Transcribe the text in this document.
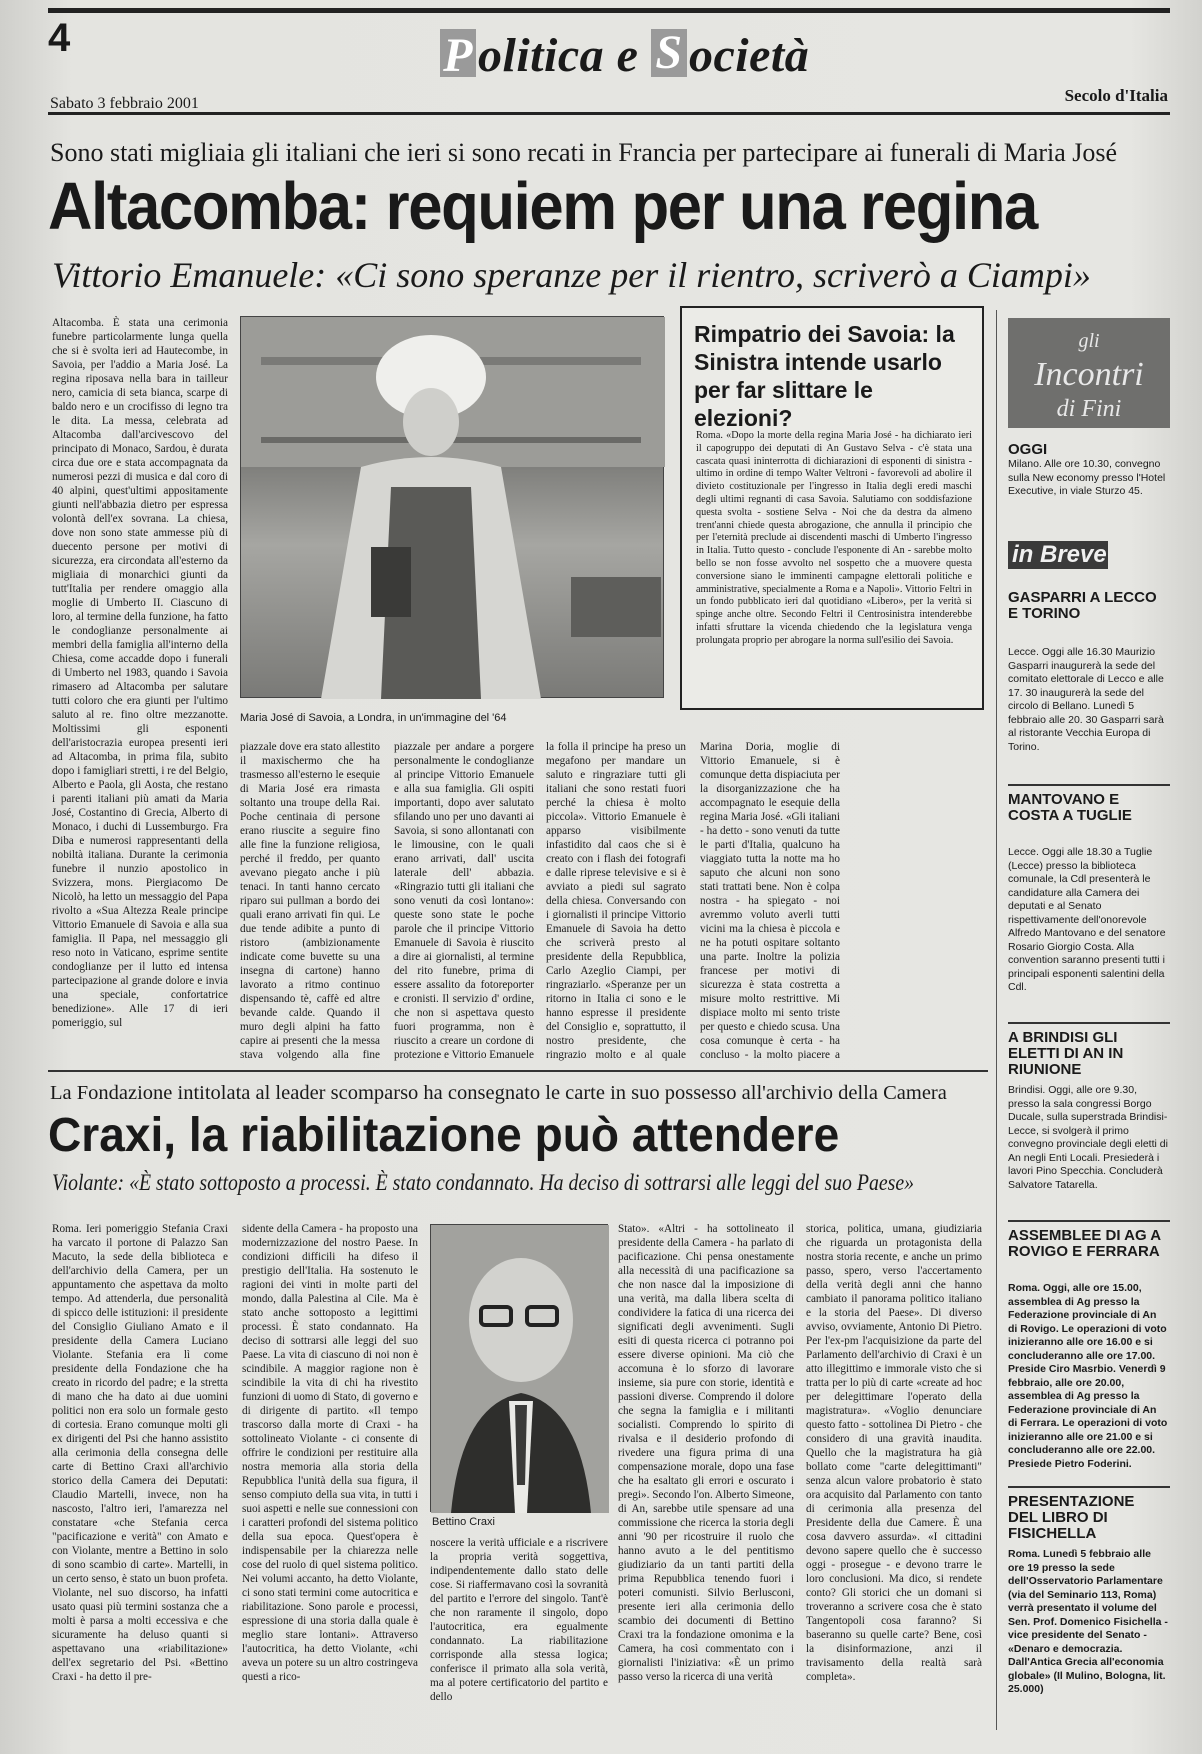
4	P olitica e S ocietà
Sabato 3 febbraio 2001	Secolo d'Italia
Sono stati migliaia gli italiani che ieri si sono recati in Francia per partecipare ai funerali di Maria José
Altacomba: requiem per una regina
Vittorio Emanuele: «Ci sono speranze per il rientro, scriverò a Ciampi»
Altacomba. È stata una cerimonia funebre particolarmente lunga quella che si è svolta ieri ad Hautecombe, in Savoia, per l'addio a Maria José. La regina riposava nella bara in tailleur nero, camicia di seta bianca, scarpe di baldo nero e un crocifisso di legno tra le dita. La messa, celebrata ad Altacomba dall'arcivescovo del principato di Monaco, Sardou, è durata circa due ore e stata accompagnata da numerosi pezzi di musica e dal coro di 40 alpini, quest'ultimi appositamente giunti nell'abbazia dietro per espressa volontà dell'ex sovrana. La chiesa, dove non sono state ammesse più di duecento persone per motivi di sicurezza, era circondata all'esterno da migliaia di monarchici giunti da tutt'Italia per rendere omaggio alla moglie di Umberto II. Ciascuno di loro, al termine della funzione, ha fatto le condoglianze personalmente ai membri della famiglia all'interno della Chiesa, come accadde dopo i funerali di Umberto nel 1983, quando i Savoia rimasero ad Altacomba per salutare tutti coloro che era giunti per l'ultimo saluto al re. fino oltre mezzanotte. Moltissimi gli esponenti dell'aristocrazia europea presenti ieri ad Altacomba, in prima fila, subito dopo i famigliari stretti, i re del Belgio, Alberto e Paola, gli Aosta, che restano i parenti italiani più amati da Maria José, Costantino di Grecia, Alberto di Monaco, i duchi di Lussemburgo. Fra Diba e numerosi rappresentanti della nobiltà italiana. Durante la cerimonia funebre il nunzio apostolico in Svizzera, mons. Piergiacomo De Nicolò, ha letto un messaggio del Papa rivolto a «Sua Altezza Reale principe Vittorio Emanuele di Savoia e alla sua famiglia. Il Papa, nel messaggio gli reso noto in Vaticano, esprime sentite condoglianze per il lutto ed intensa partecipazione al grande dolore e invia una speciale, confortatrice benedizione». Alle 17 di ieri pomeriggio, sul
Maria José di Savoia, a Londra, in un'immagine del '64
Rimpatrio dei Savoia: la Sinistra intende usarlo per far slittare le elezioni?
Roma. «Dopo la morte della regina Maria José - ha dichiarato ieri il capogruppo dei deputati di An Gustavo Selva - c'è stata una cascata quasi ininterrotta di dichiarazioni di esponenti di sinistra - ultimo in ordine di tempo Walter Veltroni - favorevoli ad abolire il divieto costituzionale per l'ingresso in Italia degli eredi maschi degli ultimi regnanti di casa Savoia. Salutiamo con soddisfazione questa svolta - sostiene Selva - Noi che da destra da almeno trent'anni chiede questa abrogazione, che annulla il principio che per l'eternità preclude ai discendenti maschi di Umberto l'ingresso in Italia. Tutto questo - conclude l'esponente di An - sarebbe molto bello se non fosse avvolto nel sospetto che a muovere questa conversione siano le imminenti campagne elettorali politiche e amministrative, specialmente a Roma e a Napoli». Vittorio Feltri in un fondo pubblicato ieri dal quotidiano «Libero», per la verità si spinge anche oltre. Secondo Feltri il Centrosinistra intenderebbe infatti sfruttare la vicenda chiedendo che la legislatura venga prolungata proprio per abrogare la norma sull'esilio dei Savoia.
piazzale dove era stato allestito il maxischermo che ha trasmesso all'esterno le esequie di Maria José era rimasta soltanto una troupe della Rai. Poche centinaia di persone erano riuscite a seguire fino alle fine la funzione religiosa, perché il freddo, per quanto avevano piegato anche i più tenaci. In tanti hanno cercato riparo sui pullman a bordo dei quali erano arrivati fin qui. Le due tende adibite a punto di ristoro (ambizionamente indicate come buvette su una insegna di cartone) hanno lavorato a ritmo continuo dispensando tè, caffè ed altre bevande calde. Quando il muro degli alpini ha fatto capire ai presenti che la messa stava volgendo alla fine
piazzale per andare a porgere personalmente le condoglianze al principe Vittorio Emanuele e alla sua famiglia. Gli ospiti importanti, dopo aver salutato sfilando uno per uno davanti ai Savoia, si sono allontanati con le limousine, con le quali erano arrivati, dall' uscita laterale dell' abbazia. «Ringrazio tutti gli italiani che sono venuti da così lontano»: queste sono state le poche parole che il principe Vittorio Emanuele di Savoia è riuscito a dire ai giornalisti, al termine del rito funebre, prima di essere assalito da fotoreporter e cronisti. Il servizio d' ordine, che non si aspettava questo fuori programma, non è riuscito a creare un cordone di protezione e Vittorio Emanuele
la folla il principe ha preso un megafono per mandare un saluto e ringraziare tutti gli italiani che sono restati fuori perché la chiesa è molto piccola». Vittorio Emanuele è apparso visibilmente infastidito dal caos che si è creato con i flash dei fotografi e dalle riprese televisive e si è avviato a piedi sul sagrato della chiesa. Conversando con i giornalisti il principe Vittorio Emanuele di Savoia ha detto che scriverà presto al presidente della Repubblica, Carlo Azeglio Ciampi, per ringraziarlo. «Speranze per un ritorno in Italia ci sono e le hanno espresse il presidente del Consiglio e, soprattutto, il nostro presidente, che ringrazio molto e al quale
Marina Doria, moglie di Vittorio Emanuele, si è comunque detta dispiaciuta per la disorganizzazione che ha accompagnato le esequie della regina Maria José. «Gli italiani - ha detto - sono venuti da tutte le parti d'Italia, qualcuno ha viaggiato tutta la notte ma ho saputo che alcuni non sono stati trattati bene. Non è colpa nostra - ha spiegato - noi avremmo voluto averli tutti vicini ma la chiesa è piccola e ne ha potuti ospitare soltanto una parte. Inoltre la polizia francese per motivi di sicurezza è stata costretta a misure molto restrittive. Mi dispiace molto mi sento triste per questo e chiedo scusa. Una cosa comunque è certa - ha concluso - la molto piacere a
La Fondazione intitolata al leader scomparso ha consegnato le carte in suo possesso all'archivio della Camera
Craxi, la riabilitazione può attendere
Violante: «È stato sottoposto a processi. È stato condannato. Ha deciso di sottrarsi alle leggi del suo Paese»
Roma. Ieri pomeriggio Stefania Craxi ha varcato il portone di Palazzo San Macuto, la sede della biblioteca e dell'archivio della Camera, per un appuntamento che aspettava da molto tempo. Ad attenderla, due personalità di spicco delle istituzioni: il presidente del Consiglio Giuliano Amato e il presidente della Camera Luciano Violante. Stefania era lì come presidente della Fondazione che ha creato in ricordo del padre; e la stretta di mano che ha dato ai due uomini politici non era solo un formale gesto di cortesia. Erano comunque molti gli ex dirigenti del Psi che hanno assistito alla cerimonia della consegna delle carte di Bettino Craxi all'archivio storico della Camera dei Deputati: Claudio Martelli, invece, non ha nascosto, l'altro ieri, l'amarezza nel constatare «che Stefania cerca "pacificazione e verità" con Amato e con Violante, mentre a Bettino in solo di sono scambio di carte». Martelli, in un certo senso, è stato un buon profeta. Violante, nel suo discorso, ha infatti usato quasi più termini sostanza che a molti è parsa a molti eccessiva e che sicuramente ha deluso quanti si aspettavano una «riabilitazione» dell'ex segretario del Psi. «Bettino Craxi - ha detto il pre-
sidente della Camera - ha proposto una modernizzazione del nostro Paese. In condizioni difficili ha difeso il prestigio dell'Italia. Ha sostenuto le ragioni dei vinti in molte parti del mondo, dalla Palestina al Cile. Ma è stato anche sottoposto a legittimi processi. È stato condannato. Ha deciso di sottrarsi alle leggi del suo Paese. La vita di ciascuno di noi non è scindibile. A maggior ragione non è scindibile la vita di chi ha rivestito funzioni di uomo di Stato, di governo e di dirigente di partito. «Il tempo trascorso dalla morte di Craxi - ha sottolineato Violante - ci consente di offrire le condizioni per restituire alla nostra memoria alla storia della Repubblica l'unità della sua figura, il senso compiuto della sua vita, in tutti i suoi aspetti e nelle sue connessioni con i caratteri profondi del sistema politico della sua epoca. Quest'opera è indispensabile per la chiarezza nelle cose del ruolo di quel sistema politico. Nei volumi accanto, ha detto Violante, ci sono stati termini come autocritica e riabilitazione. Sono parole e processi, espressione di una storia dalla quale è meglio stare lontani». Attraverso l'autocritica, ha detto Violante, «chi aveva un potere su un altro costringeva questi a rico-
Bettino Craxi
noscere la verità ufficiale e a riscrivere la propria verità soggettiva, indipendentemente dallo stato delle cose. Si riaffermavano così la sovranità del partito e l'errore del singolo. Tant'è che non raramente il singolo, dopo l'autocritica, era egualmente condannato. La riabilitazione corrisponde alla stessa logica; conferisce il primato alla sola verità, ma al potere certificatorio del partito e dello
Stato». «Altri - ha sottolineato il presidente della Camera - ha parlato di pacificazione. Chi pensa onestamente alla necessità di una pacificazione sa che non nasce dal la imposizione di una verità, ma dalla libera scelta di condividere la fatica di una ricerca dei significati degli avvenimenti. Sugli esiti di questa ricerca ci potranno poi essere diverse opinioni. Ma ciò che accomuna è lo sforzo di lavorare insieme, sia pure con storie, identità e passioni diverse. Comprendo il dolore che segna la famiglia e i militanti socialisti. Comprendo lo spirito di rivalsa e il desiderio profondo di rivedere una figura prima di una compensazione morale, dopo una fase che ha esaltato gli errori e oscurato i pregi». Secondo l'on. Alberto Simeone, di An, sarebbe utile spensare ad una commissione che ricerca la storia degli anni '90 per ricostruire il ruolo che hanno avuto a le del pentitismo giudiziario da un tanti partiti della prima Repubblica tenendo fuori i poteri comunisti. Silvio Berlusconi, presente ieri alla cerimonia dello scambio dei documenti di Bettino Craxi tra la fondazione omonima e la Camera, ha così commentato con i giornalisti l'iniziativa: «È un primo passo verso la ricerca di una verità
storica, politica, umana, giudiziaria che riguarda un protagonista della nostra storia recente, e anche un primo passo, spero, verso l'accertamento della verità degli anni che hanno cambiato il panorama politico italiano e la storia del Paese». Di diverso avviso, ovviamente, Antonio Di Pietro. Per l'ex-pm l'acquisizione da parte del Parlamento dell'archivio di Craxi è un atto illegittimo e immorale visto che si tratta per lo più di carte «create ad hoc per delegittimare l'operato della magistratura». «Voglio denunciare questo fatto - sottolinea Di Pietro - che considero di una gravità inaudita. Quello che la magistratura ha già bollato come "carte delegittimanti" senza alcun valore probatorio è stato ora acquisito dal Parlamento con tanto di cerimonia alla presenza del Presidente della due Camere. È una cosa davvero assurda». «I cittadini devono sapere quello che è successo oggi - prosegue - e devono trarre le loro conclusioni. Ma dico, si rendete conto? Gli storici che un domani si troveranno a scrivere cosa che è stato Tangentopoli cosa faranno? Si baseranno su quelle carte? Bene, così la disinformazione, anzi il travisamento della realtà sarà completa».
gli
Incontri
di Fini
OGGI
Milano. Alle ore 10.30, convegno sulla New economy presso l'Hotel Executive, in viale Sturzo 45.
in Breve
GASPARRI A LECCO E TORINO
Lecce. Oggi alle 16.30 Maurizio Gasparri inaugurerà la sede del comitato elettorale di Lecco e alle 17. 30 inaugurerà la sede del circolo di Bellano. Lunedì 5 febbraio alle 20. 30 Gasparri sarà al ristorante Vecchia Europa di Torino.
MANTOVANO E COSTA A TUGLIE
Lecce. Oggi alle 18.30 a Tuglie (Lecce) presso la biblioteca comunale, la Cdl presenterà le candidature alla Camera dei deputati e al Senato rispettivamente dell'onorevole Alfredo Mantovano e del senatore Rosario Giorgio Costa. Alla convention saranno presenti tutti i principali esponenti salentini della Cdl.
A BRINDISI GLI ELETTI DI AN IN RIUNIONE
Brindisi. Oggi, alle ore 9.30, presso la sala congressi Borgo Ducale, sulla superstrada Brindisi-Lecce, si svolgerà il primo convegno provinciale degli eletti di An negli Enti Locali. Presiederà i lavori Pino Specchia. Concluderà Salvatore Tatarella.
ASSEMBLEE DI AG A ROVIGO E FERRARA
Roma. Oggi, alle ore 15.00, assemblea di Ag presso la Federazione provinciale di An di Rovigo. Le operazioni di voto inizieranno alle ore 16.00 e si concluderanno alle ore 17.00. Preside Ciro Masrbio. Venerdì 9 febbraio, alle ore 20.00, assemblea di Ag presso la Federazione provinciale di An di Ferrara. Le operazioni di voto inizieranno alle ore 21.00 e si concluderanno alle ore 22.00. Presiede Pietro Foderini.
PRESENTAZIONE DEL LIBRO DI FISICHELLA
Roma. Lunedì 5 febbraio alle ore 19 presso la sede dell'Osservatorio Parlamentare (via del Seminario 113, Roma) verrà presentato il volume del Sen. Prof. Domenico Fisichella - vice presidente del Senato - «Denaro e democrazia. Dall'Antica Grecia all'economia globale» (Il Mulino, Bologna, lit. 25.000)
